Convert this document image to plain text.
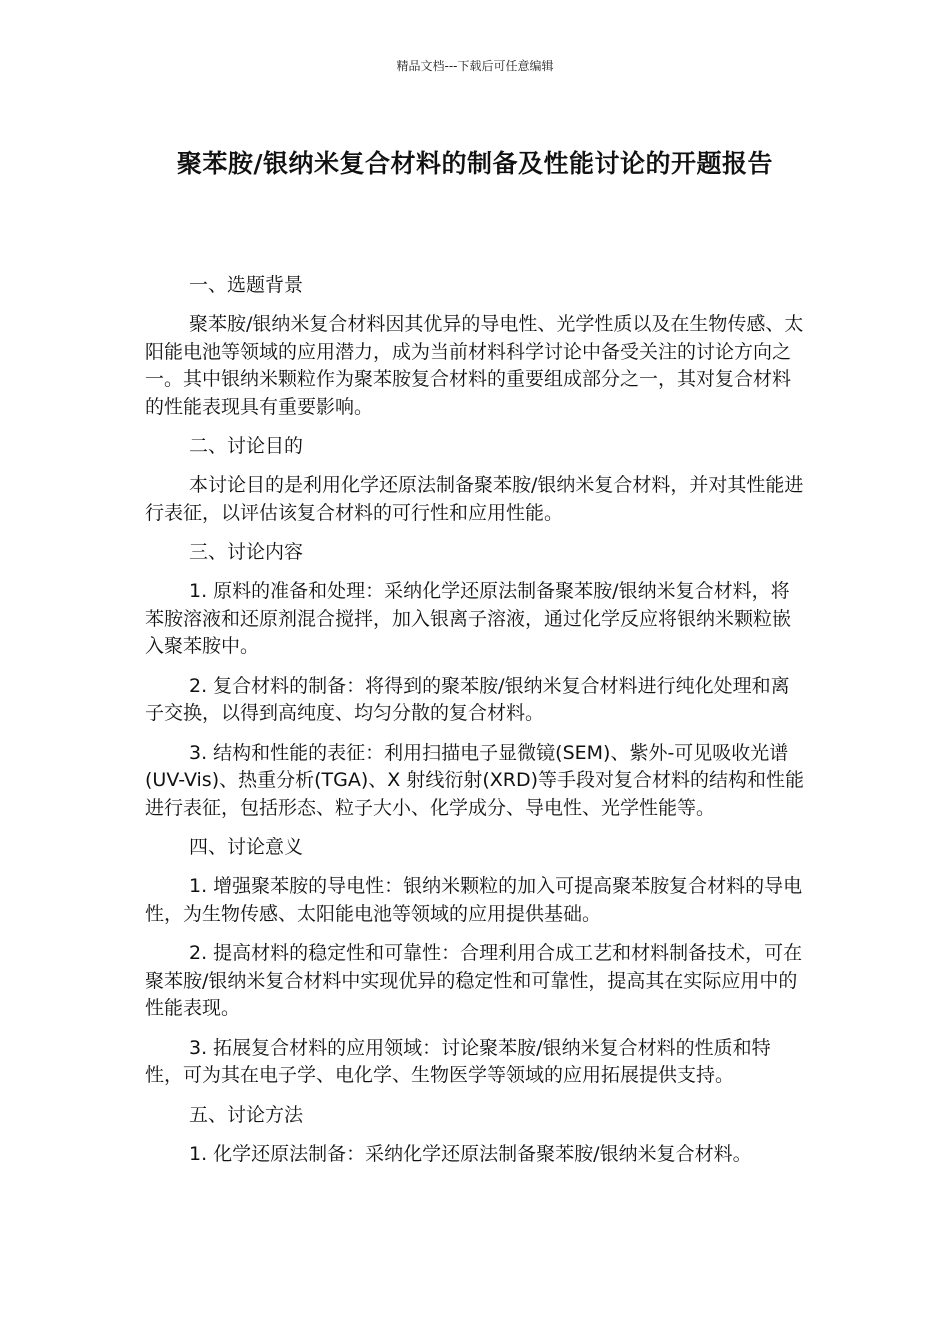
精品文档---下载后可任意编辑
聚苯胺/银纳米复合材料的制备及性能讨论的开题报告

一、选题背景

聚苯胺/银纳米复合材料因其优异的导电性、光学性质以及在生物传感、太阳能电池等领域的应用潜力，成为当前材料科学讨论中备受关注的讨论方向之一。其中银纳米颗粒作为聚苯胺复合材料的重要组成部分之一，其对复合材料的性能表现具有重要影响。

二、讨论目的

本讨论目的是利用化学还原法制备聚苯胺/银纳米复合材料，并对其性能进行表征，以评估该复合材料的可行性和应用性能。

三、讨论内容

1. 原料的准备和处理：采纳化学还原法制备聚苯胺/银纳米复合材料，将苯胺溶液和还原剂混合搅拌，加入银离子溶液，通过化学反应将银纳米颗粒嵌入聚苯胺中。

2. 复合材料的制备：将得到的聚苯胺/银纳米复合材料进行纯化处理和离子交换，以得到高纯度、均匀分散的复合材料。

3. 结构和性能的表征：利用扫描电子显微镜(SEM)、紫外-可见吸收光谱(UV-Vis)、热重分析(TGA)、X 射线衍射(XRD)等手段对复合材料的结构和性能进行表征，包括形态、粒子大小、化学成分、导电性、光学性能等。

四、讨论意义

1. 增强聚苯胺的导电性：银纳米颗粒的加入可提高聚苯胺复合材料的导电性，为生物传感、太阳能电池等领域的应用提供基础。

2. 提高材料的稳定性和可靠性：合理利用合成工艺和材料制备技术，可在聚苯胺/银纳米复合材料中实现优异的稳定性和可靠性，提高其在实际应用中的性能表现。

3. 拓展复合材料的应用领域：讨论聚苯胺/银纳米复合材料的性质和特性，可为其在电子学、电化学、生物医学等领域的应用拓展提供支持。

五、讨论方法

1. 化学还原法制备：采纳化学还原法制备聚苯胺/银纳米复合材料。
